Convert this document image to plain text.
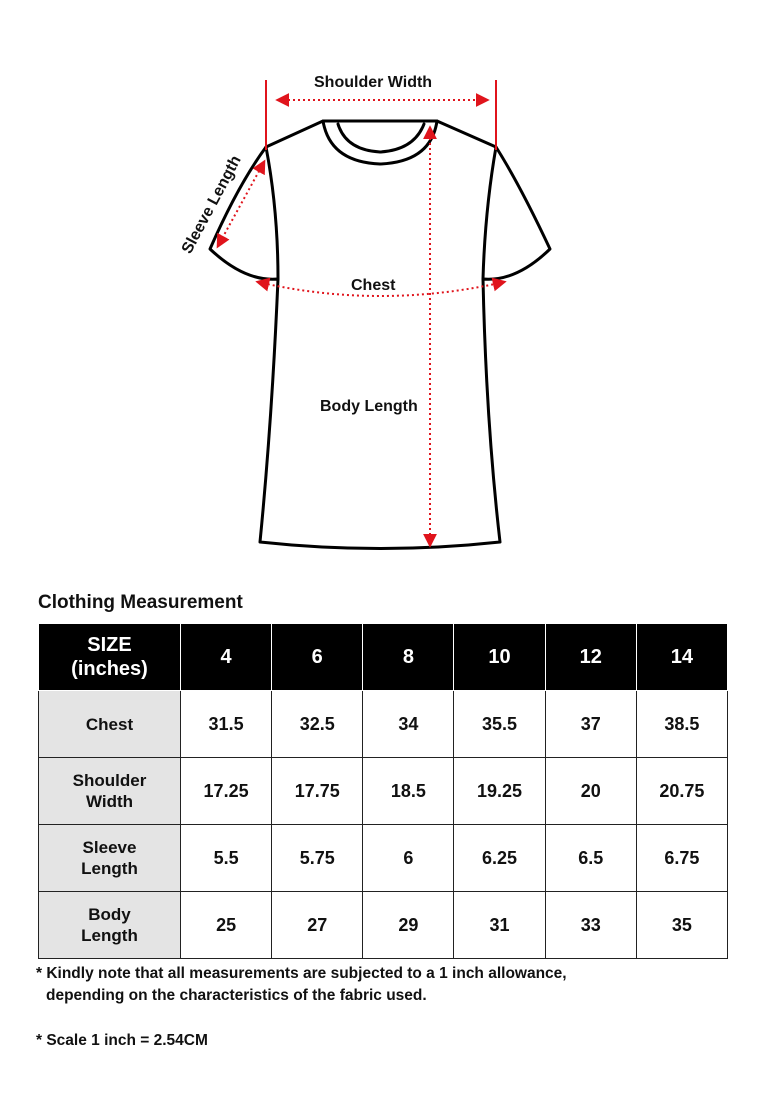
Shoulder Width
Sleeve Length
Chest
Body Length
Clothing Measurement
SIZE
(inches)	4	6	8	10	12	14
Chest	31.5	32.5	34	35.5	37	38.5
Shoulder
Width	17.25	17.75	18.5	19.25	20	20.75
Sleeve
Length	5.5	5.75	6	6.25	6.5	6.75
Body
Length	25	27	29	31	33	35
* Kindly note that all measurements are subjected to a 1 inch allowance,
depending on the characteristics of the fabric used.
* Scale 1 inch = 2.54CM
